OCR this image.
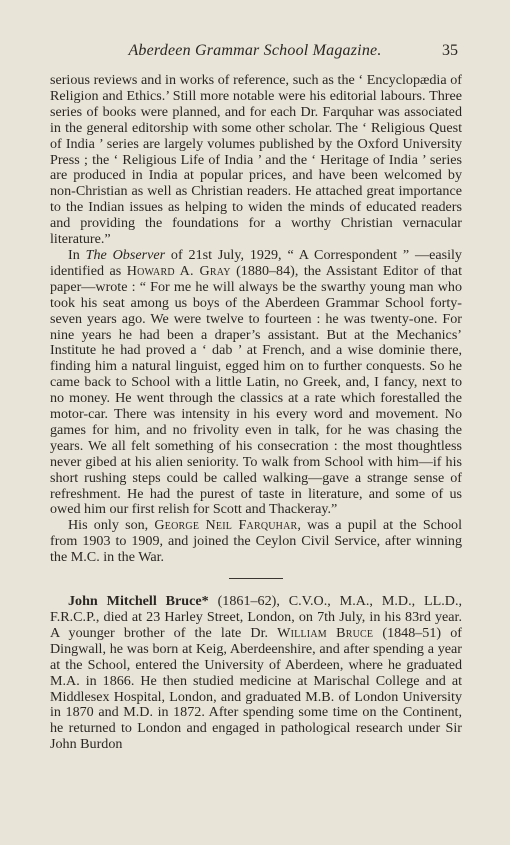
Aberdeen Grammar School Magazine.	35

serious reviews and in works of reference, such as the ‘ Encyclopædia of Religion and Ethics.’ Still more notable were his editorial labours. Three series of books were planned, and for each Dr. Farquhar was associated in the general editorship with some other scholar. The ‘ Religious Quest of India ’ series are largely volumes published by the Oxford University Press ; the ‘ Religious Life of India ’ and the ‘ Heritage of India ’ series are produced in India at popular prices, and have been welcomed by non-Christian as well as Christian readers. He attached great importance to the Indian issues as helping to widen the minds of educated readers and providing the foundations for a worthy Christian vernacular literature.”

In The Observer of 21st July, 1929, “ A Correspondent ” —easily identified as Howard A. Gray (1880–84), the Assistant Editor of that paper—wrote : “ For me he will always be the swarthy young man who took his seat among us boys of the Aberdeen Grammar School forty-seven years ago. We were twelve to fourteen : he was twenty-one. For nine years he had been a draper’s assistant. But at the Mechanics’ Institute he had proved a ‘ dab ’ at French, and a wise dominie there, finding him a natural linguist, egged him on to further conquests. So he came back to School with a little Latin, no Greek, and, I fancy, next to no money. He went through the classics at a rate which forestalled the motor-car. There was intensity in his every word and movement. No games for him, and no frivolity even in talk, for he was chasing the years. We all felt something of his consecration : the most thoughtless never gibed at his alien seniority. To walk from School with him—if his short rushing steps could be called walking—gave a strange sense of refreshment. He had the purest of taste in literature, and some of us owed him our first relish for Scott and Thackeray.”

His only son, George Neil Farquhar, was a pupil at the School from 1903 to 1909, and joined the Ceylon Civil Service, after winning the M.C. in the War.

John Mitchell Bruce* (1861–62), C.V.O., M.A., M.D., LL.D., F.R.C.P., died at 23 Harley Street, London, on 7th July, in his 83rd year. A younger brother of the late Dr. William Bruce (1848–51) of Dingwall, he was born at Keig, Aberdeenshire, and after spending a year at the School, entered the University of Aberdeen, where he graduated M.A. in 1866. He then studied medicine at Marischal College and at Middlesex Hospital, London, and graduated M.B. of London University in 1870 and M.D. in 1872. After spending some time on the Continent, he returned to London and engaged in pathological research under Sir John Burdon
